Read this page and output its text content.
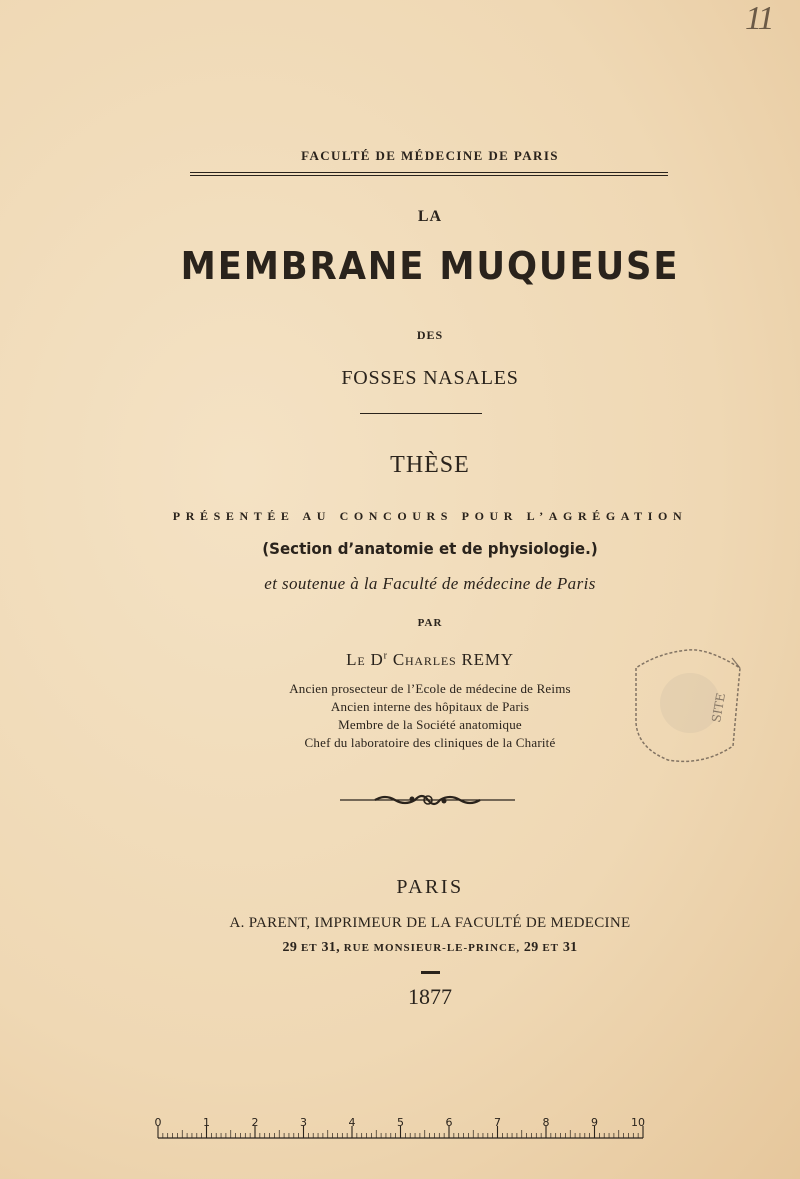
11
FACULTÉ DE MÉDECINE DE PARIS
LA
MEMBRANE MUQUEUSE
DES
FOSSES NASALES
THÈSE
PRÉSENTÉE AU CONCOURS POUR L’AGRÉGATION
(Section d’anatomie et de physiologie.)
et soutenue à la Faculté de médecine de Paris
PAR
Le $D^r$ Charles REMY
Ancien prosecteur de l’Ecole de médecine de Reims
Ancien interne des hôpitaux de Paris
Membre de la Société anatomique
Chef du laboratoire des cliniques de la Charité
SITE
PARIS
A. PARENT, IMPRIMEUR DE LA FACULTÉ DE MEDECINE
29 ET 31, RUE MONSIEUR-LE-PRINCE, 29 ET 31
1877
0	1	2	3	4	5	6	7	8	9	10
